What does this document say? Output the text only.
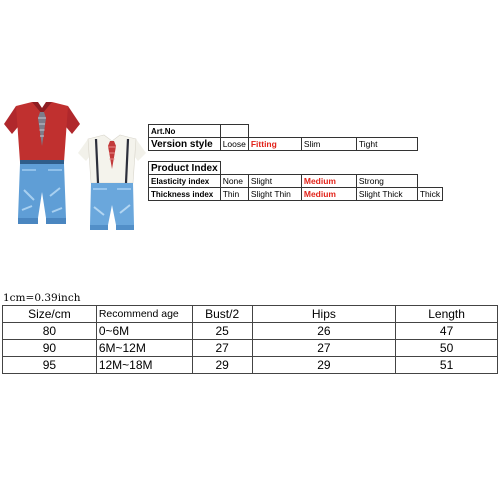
Art.No					
Version style	Loose	Fitting	Slim	Tight	

Product Index					
Elasticity index	None	Slight	Medium	Strong	
Thickness index	Thin	Slight Thin	Medium	Slight Thick	Thick
1cm=0.39inch
Size/cm	Recommend age	Bust/2	Hips	Length
80	0~6M	25	26	47
90	6M~12M	27	27	50
95	12M~18M	29	29	51
